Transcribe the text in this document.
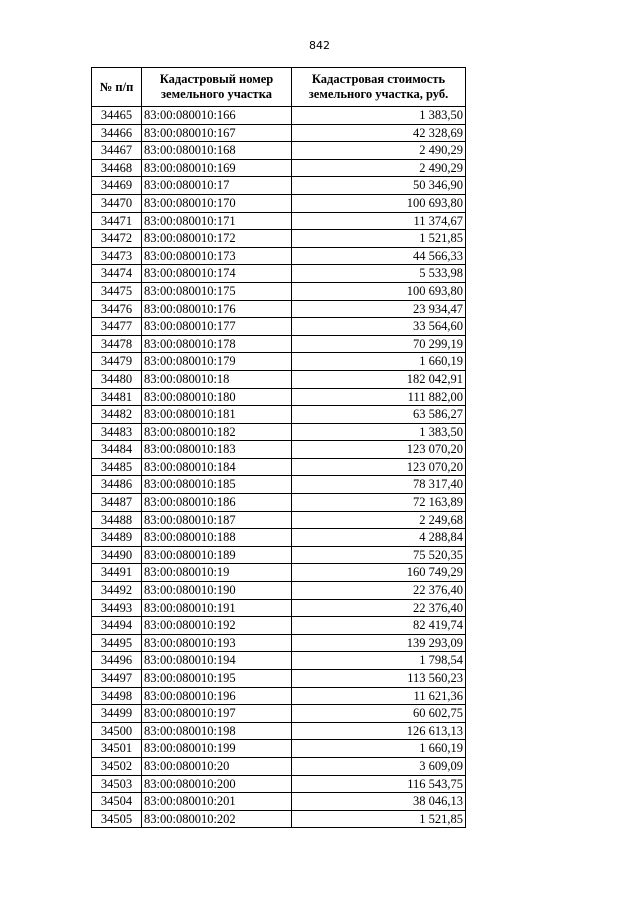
842
№ п/п	Кадастровый номер земельного участка	Кадастровая стоимость земельного участка, руб.
34465	83:00:080010:166	1 383,50
34466	83:00:080010:167	42 328,69
34467	83:00:080010:168	2 490,29
34468	83:00:080010:169	2 490,29
34469	83:00:080010:17	50 346,90
34470	83:00:080010:170	100 693,80
34471	83:00:080010:171	11 374,67
34472	83:00:080010:172	1 521,85
34473	83:00:080010:173	44 566,33
34474	83:00:080010:174	5 533,98
34475	83:00:080010:175	100 693,80
34476	83:00:080010:176	23 934,47
34477	83:00:080010:177	33 564,60
34478	83:00:080010:178	70 299,19
34479	83:00:080010:179	1 660,19
34480	83:00:080010:18	182 042,91
34481	83:00:080010:180	111 882,00
34482	83:00:080010:181	63 586,27
34483	83:00:080010:182	1 383,50
34484	83:00:080010:183	123 070,20
34485	83:00:080010:184	123 070,20
34486	83:00:080010:185	78 317,40
34487	83:00:080010:186	72 163,89
34488	83:00:080010:187	2 249,68
34489	83:00:080010:188	4 288,84
34490	83:00:080010:189	75 520,35
34491	83:00:080010:19	160 749,29
34492	83:00:080010:190	22 376,40
34493	83:00:080010:191	22 376,40
34494	83:00:080010:192	82 419,74
34495	83:00:080010:193	139 293,09
34496	83:00:080010:194	1 798,54
34497	83:00:080010:195	113 560,23
34498	83:00:080010:196	11 621,36
34499	83:00:080010:197	60 602,75
34500	83:00:080010:198	126 613,13
34501	83:00:080010:199	1 660,19
34502	83:00:080010:20	3 609,09
34503	83:00:080010:200	116 543,75
34504	83:00:080010:201	38 046,13
34505	83:00:080010:202	1 521,85
